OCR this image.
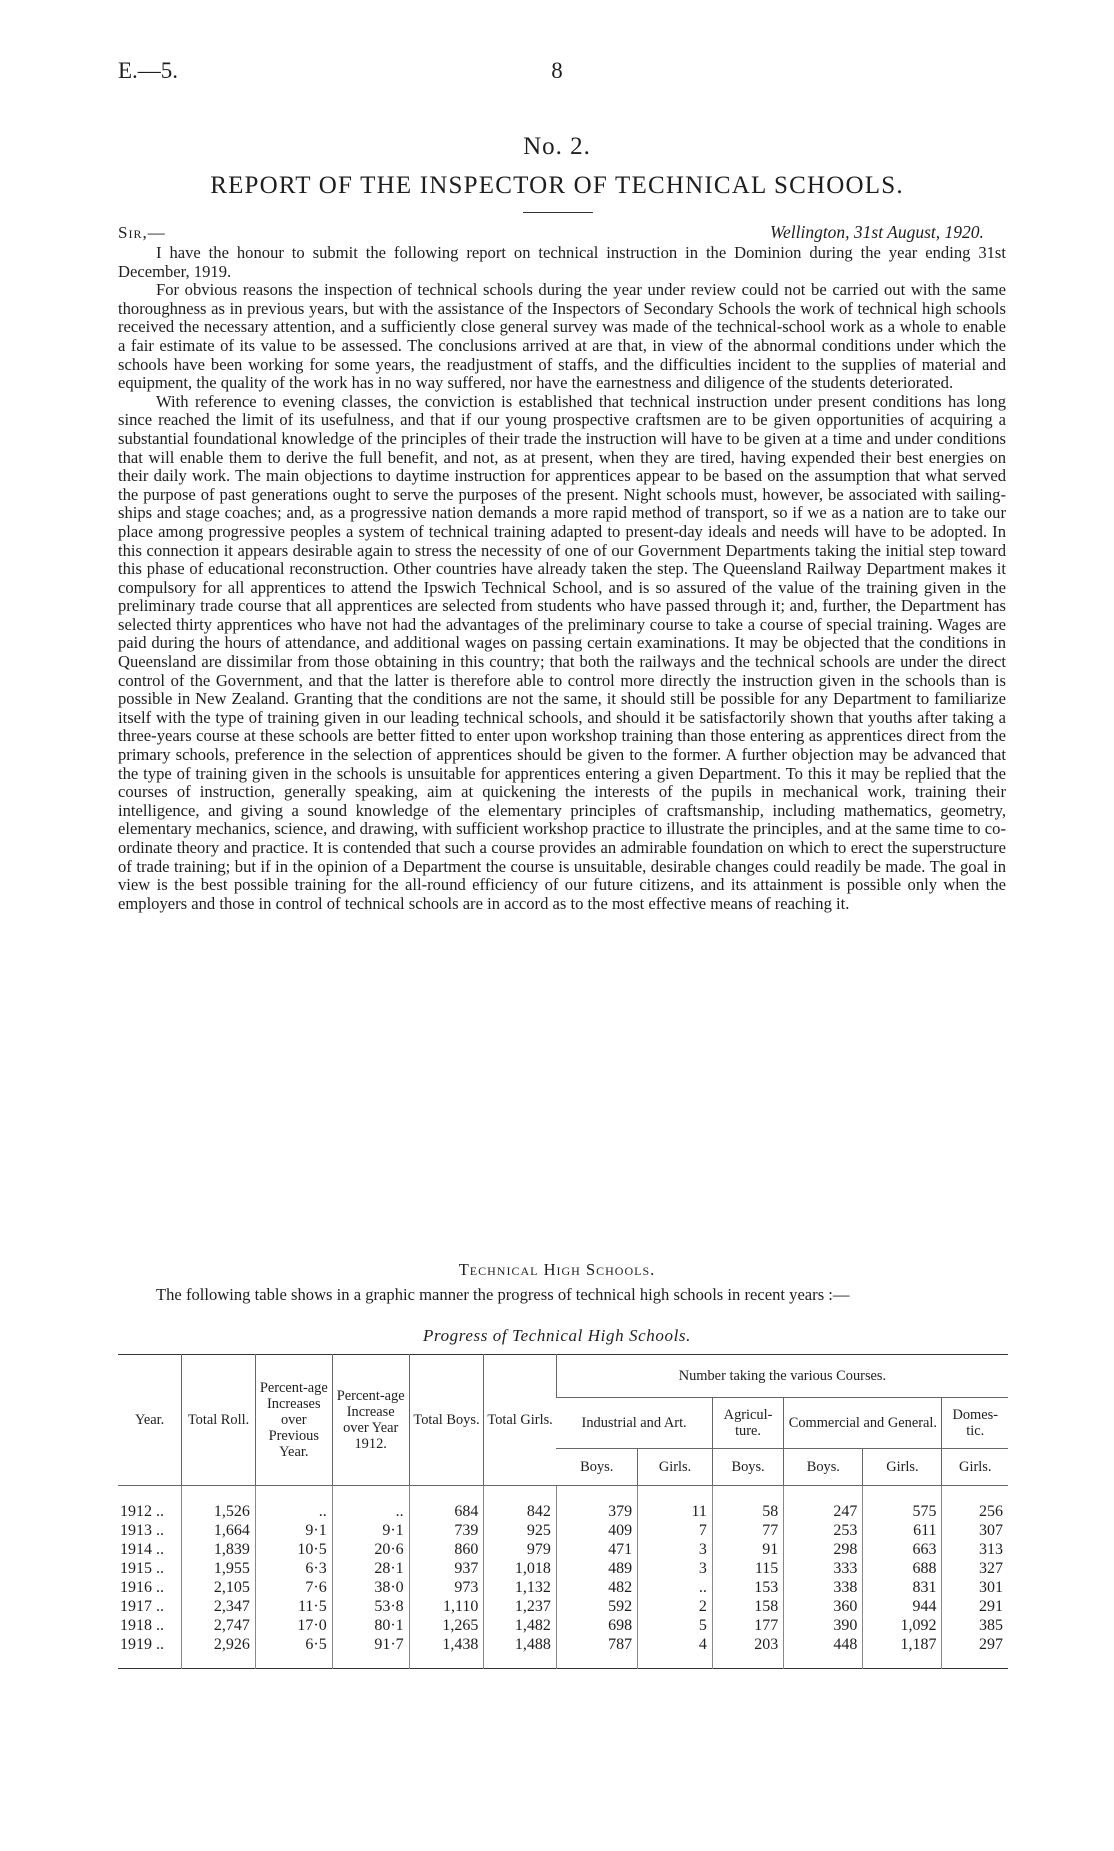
E.—5.	8
No. 2.
REPORT OF THE INSPECTOR OF TECHNICAL SCHOOLS.
Sir,—	Wellington, 31st August, 1920.

I have the honour to submit the following report on technical instruction in the Dominion during the year ending 31st December, 1919.

For obvious reasons the inspection of technical schools during the year under review could not be carried out with the same thoroughness as in previous years, but with the assistance of the Inspectors of Secondary Schools the work of technical high schools received the necessary attention, and a sufficiently close general survey was made of the technical-school work as a whole to enable a fair estimate of its value to be assessed. The conclusions arrived at are that, in view of the abnormal conditions under which the schools have been working for some years, the readjustment of staffs, and the difficulties incident to the supplies of material and equipment, the quality of the work has in no way suffered, nor have the earnestness and diligence of the students deteriorated.

With reference to evening classes, the conviction is established that technical instruction under present conditions has long since reached the limit of its usefulness, and that if our young prospective craftsmen are to be given opportunities of acquiring a substantial foundational knowledge of the principles of their trade the instruction will have to be given at a time and under conditions that will enable them to derive the full benefit, and not, as at present, when they are tired, having expended their best energies on their daily work. The main objections to daytime instruction for apprentices appear to be based on the assumption that what served the purpose of past generations ought to serve the purposes of the present. Night schools must, however, be associated with sailing-ships and stage coaches; and, as a progressive nation demands a more rapid method of transport, so if we as a nation are to take our place among progressive peoples a system of technical training adapted to present-day ideals and needs will have to be adopted. In this connection it appears desirable again to stress the necessity of one of our Government Departments taking the initial step toward this phase of educational reconstruction. Other countries have already taken the step. The Queensland Railway Department makes it compulsory for all apprentices to attend the Ipswich Technical School, and is so assured of the value of the training given in the preliminary trade course that all apprentices are selected from students who have passed through it; and, further, the Department has selected thirty apprentices who have not had the advantages of the preliminary course to take a course of special training. Wages are paid during the hours of attendance, and additional wages on passing certain examinations. It may be objected that the conditions in Queensland are dissimilar from those obtaining in this country; that both the railways and the technical schools are under the direct control of the Government, and that the latter is therefore able to control more directly the instruction given in the schools than is possible in New Zealand. Granting that the conditions are not the same, it should still be possible for any Department to familiarize itself with the type of training given in our leading technical schools, and should it be satisfactorily shown that youths after taking a three-years course at these schools are better fitted to enter upon workshop training than those entering as apprentices direct from the primary schools, preference in the selection of apprentices should be given to the former. A further objection may be advanced that the type of training given in the schools is unsuitable for apprentices entering a given Department. To this it may be replied that the courses of instruction, generally speaking, aim at quickening the interests of the pupils in mechanical work, training their intelligence, and giving a sound knowledge of the elementary principles of craftsmanship, including mathematics, geometry, elementary mechanics, science, and drawing, with sufficient workshop practice to illustrate the principles, and at the same time to co-ordinate theory and practice. It is contended that such a course provides an admirable foundation on which to erect the superstructure of trade training; but if in the opinion of a Department the course is unsuitable, desirable changes could readily be made. The goal in view is the best possible training for the all-round efficiency of our future citizens, and its attainment is possible only when the employers and those in control of technical schools are in accord as to the most effective means of reaching it.

Technical High Schools.
The following table shows in a graphic manner the progress of technical high schools in recent years :—
Progress of Technical High Schools.
Year.	Total Roll.	Percent-age Increases over Previous Year.	Percent-age Increase over Year 1912.	Total Boys.	Total Girls.	Number taking the various Courses.					
						Industrial and Art.		Agricul-ture.	Commercial and General.		Domes-tic.
						Boys.	Girls.	Boys.	Boys.	Girls.	Girls.

1912 ..	1,526	..	..	684	842	379	11	58	247	575	256
1913 ..	1,664	9·1	9·1	739	925	409	7	77	253	611	307
1914 ..	1,839	10·5	20·6	860	979	471	3	91	298	663	313
1915 ..	1,955	6·3	28·1	937	1,018	489	3	115	333	688	327
1916 ..	2,105	7·6	38·0	973	1,132	482	..	153	338	831	301
1917 ..	2,347	11·5	53·8	1,110	1,237	592	2	158	360	944	291
1918 ..	2,747	17·0	80·1	1,265	1,482	698	5	177	390	1,092	385
1919 ..	2,926	6·5	91·7	1,438	1,488	787	4	203	448	1,187	297
